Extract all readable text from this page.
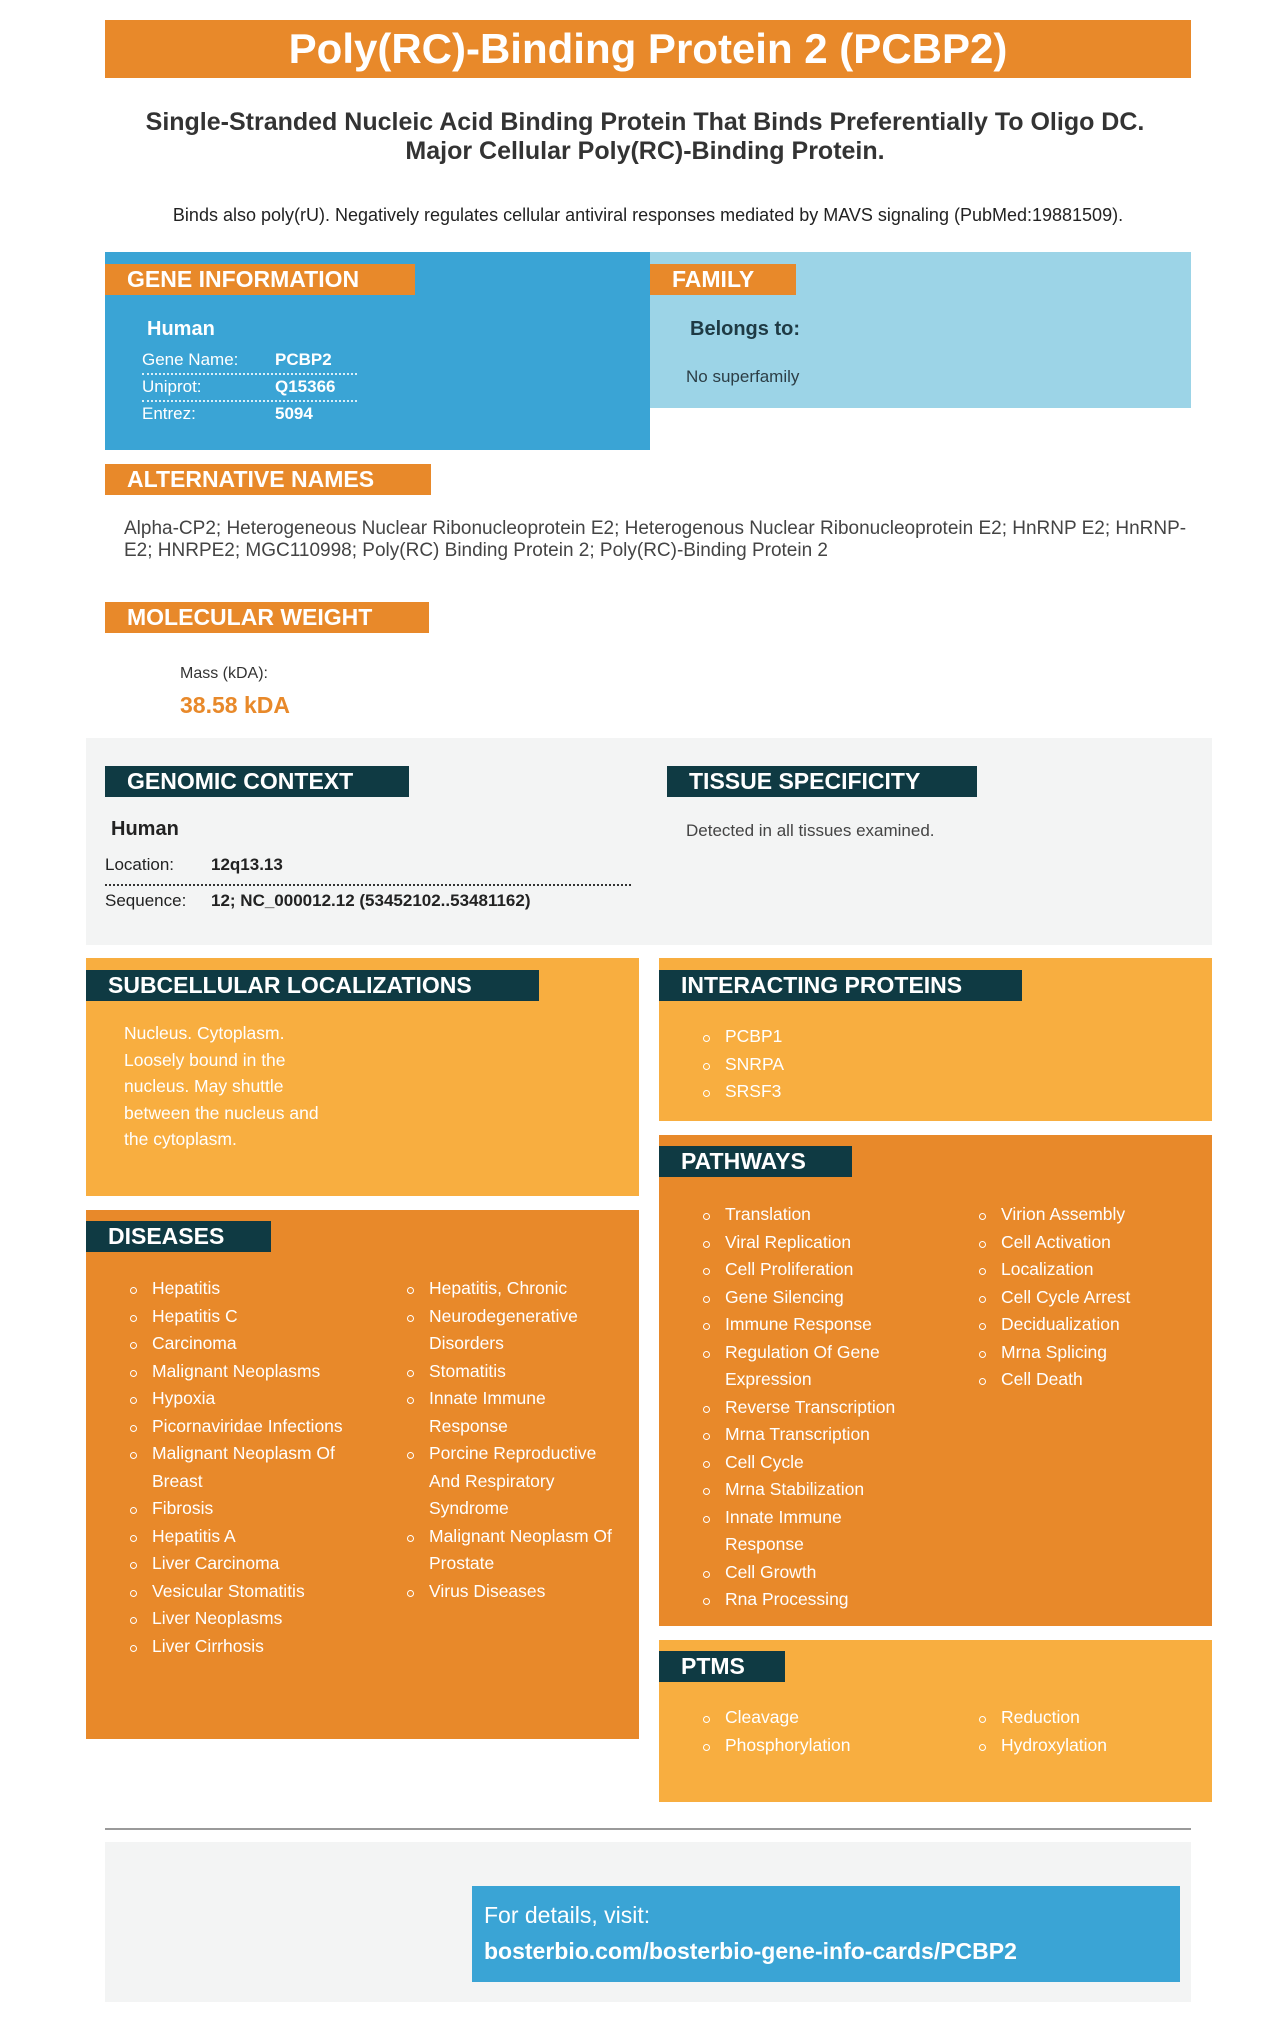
Poly(RC)-Binding Protein 2 (PCBP2)
Single-Stranded Nucleic Acid Binding Protein That Binds Preferentially To Oligo DC. Major Cellular Poly(RC)-Binding Protein.
Binds also poly(rU). Negatively regulates cellular antiviral responses mediated by MAVS signaling (PubMed:19881509).
GENE INFORMATION
Human
Gene Name: PCBP2
Uniprot:	Q15366
Entrez:	5094
FAMILY
Belongs to:
No superfamily
ALTERNATIVE NAMES
Alpha-CP2; Heterogeneous Nuclear Ribonucleoprotein E2; Heterogenous Nuclear Ribonucleoprotein E2; HnRNP E2; HnRNP-E2; HNRPE2; MGC110998; Poly(RC) Binding Protein 2; Poly(RC)-Binding Protein 2
MOLECULAR WEIGHT
Mass (kDA):
38.58 kDA
GENOMIC CONTEXT
Human
Location: 12q13.13
Sequence: 12; NC_000012.12 (53452102..53481162)
TISSUE SPECIFICITY
Detected in all tissues examined.
SUBCELLULAR LOCALIZATIONS
Nucleus. Cytoplasm.
Loosely bound in the
nucleus. May shuttle
between the nucleus and
the cytoplasm.
INTERACTING PROTEINS
PCBP1
SNRPA
SRSF3
DISEASES
Hepatitis
Hepatitis C
Carcinoma
Malignant Neoplasms
Hypoxia
Picornaviridae Infections
Malignant Neoplasm Of
Breast
Fibrosis
Hepatitis A
Liver Carcinoma
Vesicular Stomatitis
Liver Neoplasms
Liver Cirrhosis
Hepatitis, Chronic
Neurodegenerative
Disorders
Stomatitis
Innate Immune
Response
Porcine Reproductive
And Respiratory
Syndrome
Malignant Neoplasm Of
Prostate
Virus Diseases
PATHWAYS
Translation
Viral Replication
Cell Proliferation
Gene Silencing
Immune Response
Regulation Of Gene
Expression
Reverse Transcription
Mrna Transcription
Cell Cycle
Mrna Stabilization
Innate Immune
Response
Cell Growth
Rna Processing
Virion Assembly
Cell Activation
Localization
Cell Cycle Arrest
Decidualization
Mrna Splicing
Cell Death
PTMS
Cleavage
Phosphorylation
Reduction
Hydroxylation
For details, visit:
bosterbio.com/bosterbio-gene-info-cards/PCBP2
